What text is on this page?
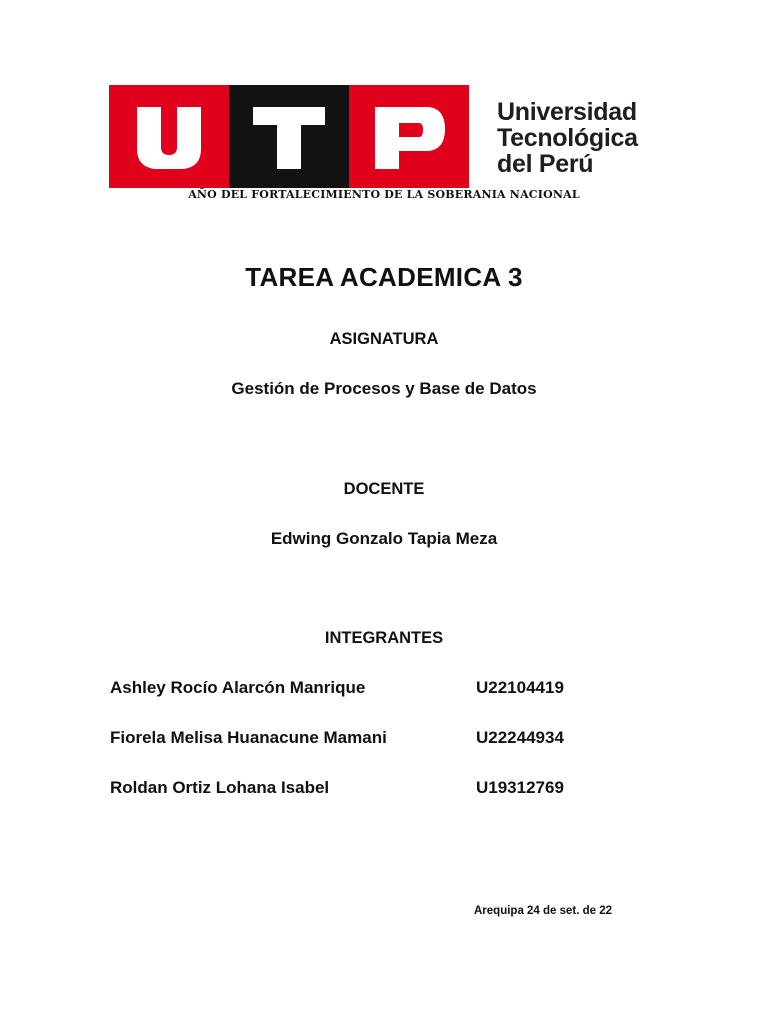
Universidad
Tecnológica
del Perú
AÑO DEL FORTALECIMIENTO DE LA SOBERANIA NACIONAL
TAREA ACADEMICA 3
ASIGNATURA
Gestión de Procesos y Base de Datos
DOCENTE
Edwing Gonzalo Tapia Meza
INTEGRANTES
Ashley Rocío Alarcón Manrique	U22104419
Fiorela Melisa Huanacune Mamani	U22244934
Roldan Ortiz Lohana Isabel	U19312769
Arequipa 24 de set. de 22
